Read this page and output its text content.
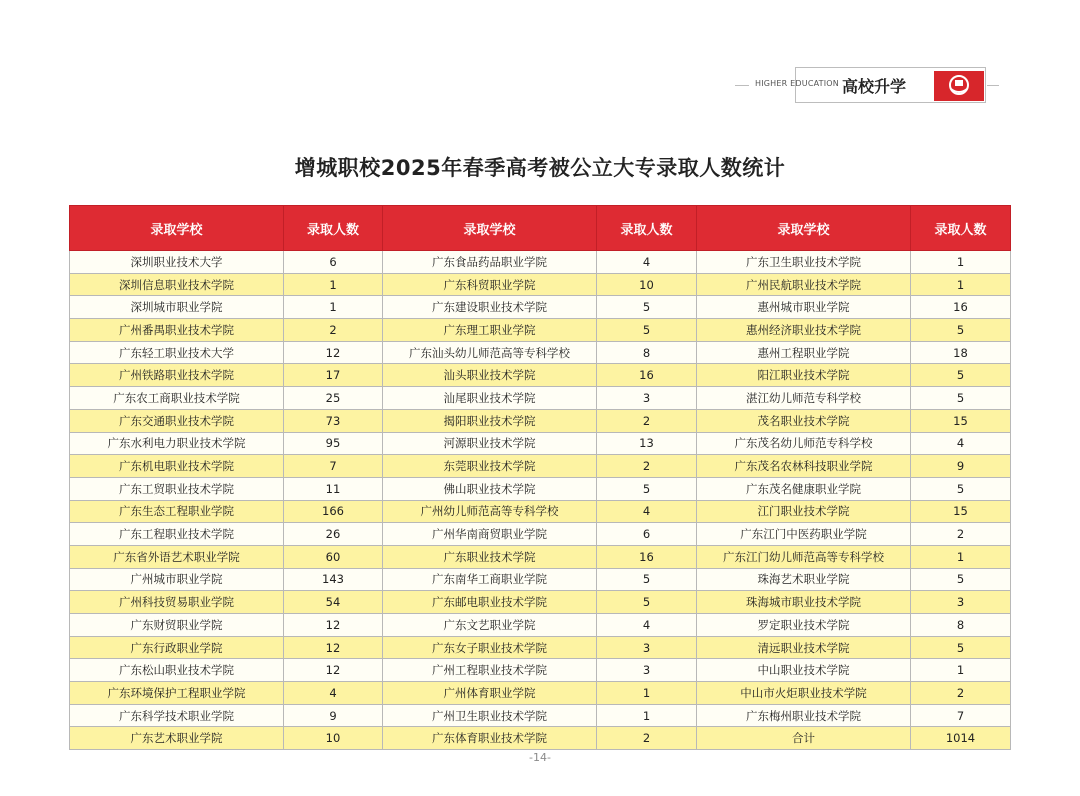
HIGHER EDUCATION 高校升学
增城职校2025年春季高考被公立大专录取人数统计
录取学校	录取人数	录取学校	录取人数	录取学校	录取人数
深圳职业技术大学	6	广东食品药品职业学院	4	广东卫生职业技术学院	1
深圳信息职业技术学院	1	广东科贸职业学院	10	广州民航职业技术学院	1
深圳城市职业学院	1	广东建设职业技术学院	5	惠州城市职业学院	16
广州番禺职业技术学院	2	广东理工职业学院	5	惠州经济职业技术学院	5
广东轻工职业技术大学	12	广东汕头幼儿师范高等专科学校	8	惠州工程职业学院	18
广州铁路职业技术学院	17	汕头职业技术学院	16	阳江职业技术学院	5
广东农工商职业技术学院	25	汕尾职业技术学院	3	湛江幼儿师范专科学校	5
广东交通职业技术学院	73	揭阳职业技术学院	2	茂名职业技术学院	15
广东水利电力职业技术学院	95	河源职业技术学院	13	广东茂名幼儿师范专科学校	4
广东机电职业技术学院	7	东莞职业技术学院	2	广东茂名农林科技职业学院	9
广东工贸职业技术学院	11	佛山职业技术学院	5	广东茂名健康职业学院	5
广东生态工程职业学院	166	广州幼儿师范高等专科学校	4	江门职业技术学院	15
广东工程职业技术学院	26	广州华南商贸职业学院	6	广东江门中医药职业学院	2
广东省外语艺术职业学院	60	广东职业技术学院	16	广东江门幼儿师范高等专科学校	1
广州城市职业学院	143	广东南华工商职业学院	5	珠海艺术职业学院	5
广州科技贸易职业学院	54	广东邮电职业技术学院	5	珠海城市职业技术学院	3
广东财贸职业学院	12	广东文艺职业学院	4	罗定职业技术学院	8
广东行政职业学院	12	广东女子职业技术学院	3	清远职业技术学院	5
广东松山职业技术学院	12	广州工程职业技术学院	3	中山职业技术学院	1
广东环境保护工程职业学院	4	广州体育职业学院	1	中山市火炬职业技术学院	2
广东科学技术职业学院	9	广州卫生职业技术学院	1	广东梅州职业技术学院	7
广东艺术职业学院	10	广东体育职业技术学院	2	合计	1014
-14-
